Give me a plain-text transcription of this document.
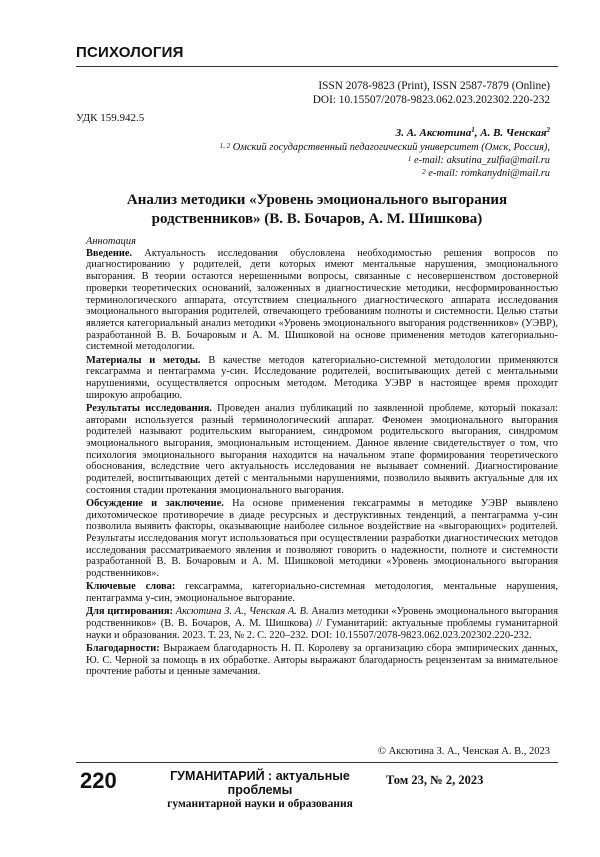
ПСИХОЛОГИЯ
ISSN 2078-9823 (Print), ISSN 2587-7879 (Online)
DOI: 10.15507/2078-9823.062.023.202302.220-232
УДК 159.942.5
З. А. Аксютина$^1$, А. В. Ченская$^2$
$^{1, 2}$ Омский государственный педагогический университет (Омск, Россия),
$^1$ e-mail: aksutina_zulfia@mail.ru
$^2$ e-mail: romkanydni@mail.ru
Анализ методики «Уровень эмоционального выгорания родственников» (В. В. Бочаров, А. М. Шишкова)
Аннотация

Введение. Актуальность исследования обусловлена необходимостью решения вопросов по диагностированию у родителей, дети которых имеют ментальные нарушения, эмоционального выгорания. В теории остаются нерешенными вопросы, связанные с несовершенством достоверной проверки теоретических оснований, заложенных в диагностические методики, несформированностью терминологического аппарата, отсутствием специального диагностического аппарата исследования эмоционального выгорания родителей, отвечающего требованиям полноты и системности. Целью статьи является категориальный анализ методики «Уровень эмоционального выгорания родственников» (УЭВР), разработанной В. В. Бочаровым и А. М. Шишковой на основе применения методов категориально-системной методологии.

Материалы и методы. В качестве методов категориально-системной методологии применяются гексаграмма и пентаграмма у-син. Исследование родителей, воспитывающих детей с ментальными нарушениями, осуществляется опросным методом. Методика УЭВР в настоящее время проходит широкую апробацию.

Результаты исследования. Проведен анализ публикаций по заявленной проблеме, который показал: авторами используется разный терминологический аппарат. Феномен эмоционального выгорания родителей называют родительским выгоранием, синдромом родительского выгорания, синдромом эмоционального выгорания, эмоциональным истощением. Данное явление свидетельствует о том, что психология эмоционального выгорания находится на начальном этапе формирования теоретического обоснования, вследствие чего актуальность исследования не вызывает сомнений. Диагностирование родителей, воспитывающих детей с ментальными нарушениями, позволило выявить актуальные для их состояния стадии протекания эмоционального выгорания.

Обсуждение и заключение. На основе применения гексаграммы в методике УЭВР выявлено дихотомическое противоречие в диаде ресурсных и деструктивных тенденций, а пентаграмма у-син позволила выявить факторы, оказывающие наиболее сильное воздействие на «выгорающих» родителей. Результаты исследования могут использоваться при осуществлении разработки диагностических методов исследования рассматриваемого явления и позволяют говорить о надежности, полноте и системности разработанной В. В. Бочаровым и А. М. Шишковой методики «Уровень эмоционального выгорания родственников».

Ключевые слова: гексаграмма, категориально-системная методология, ментальные нарушения, пентаграмма у-син, эмоциональное выгорание.

Для цитирования: Аксютина З. А., Ченская А. В. Анализ методики «Уровень эмоционального выгорания родственников» (В. В. Бочаров, А. М. Шишкова) // Гуманитарий: актуальные проблемы гуманитарной науки и образования. 2023. Т. 23, № 2. С. 220–232. DOI: 10.15507/2078-9823.062.023.202302.220-232.

Благодарности: Выражаем благодарность Н. П. Королеву за организацию сбора эмпирических данных, Ю. С. Черной за помощь в их обработке. Авторы выражают благодарность рецензентам за внимательное прочтение работы и ценные замечания.

© Аксютина З. А., Ченская А. В., 2023
220	ГУМАНИТАРИЙ : актуальные проблемы
гуманитарной науки и образования
Том 23, № 2, 2023
